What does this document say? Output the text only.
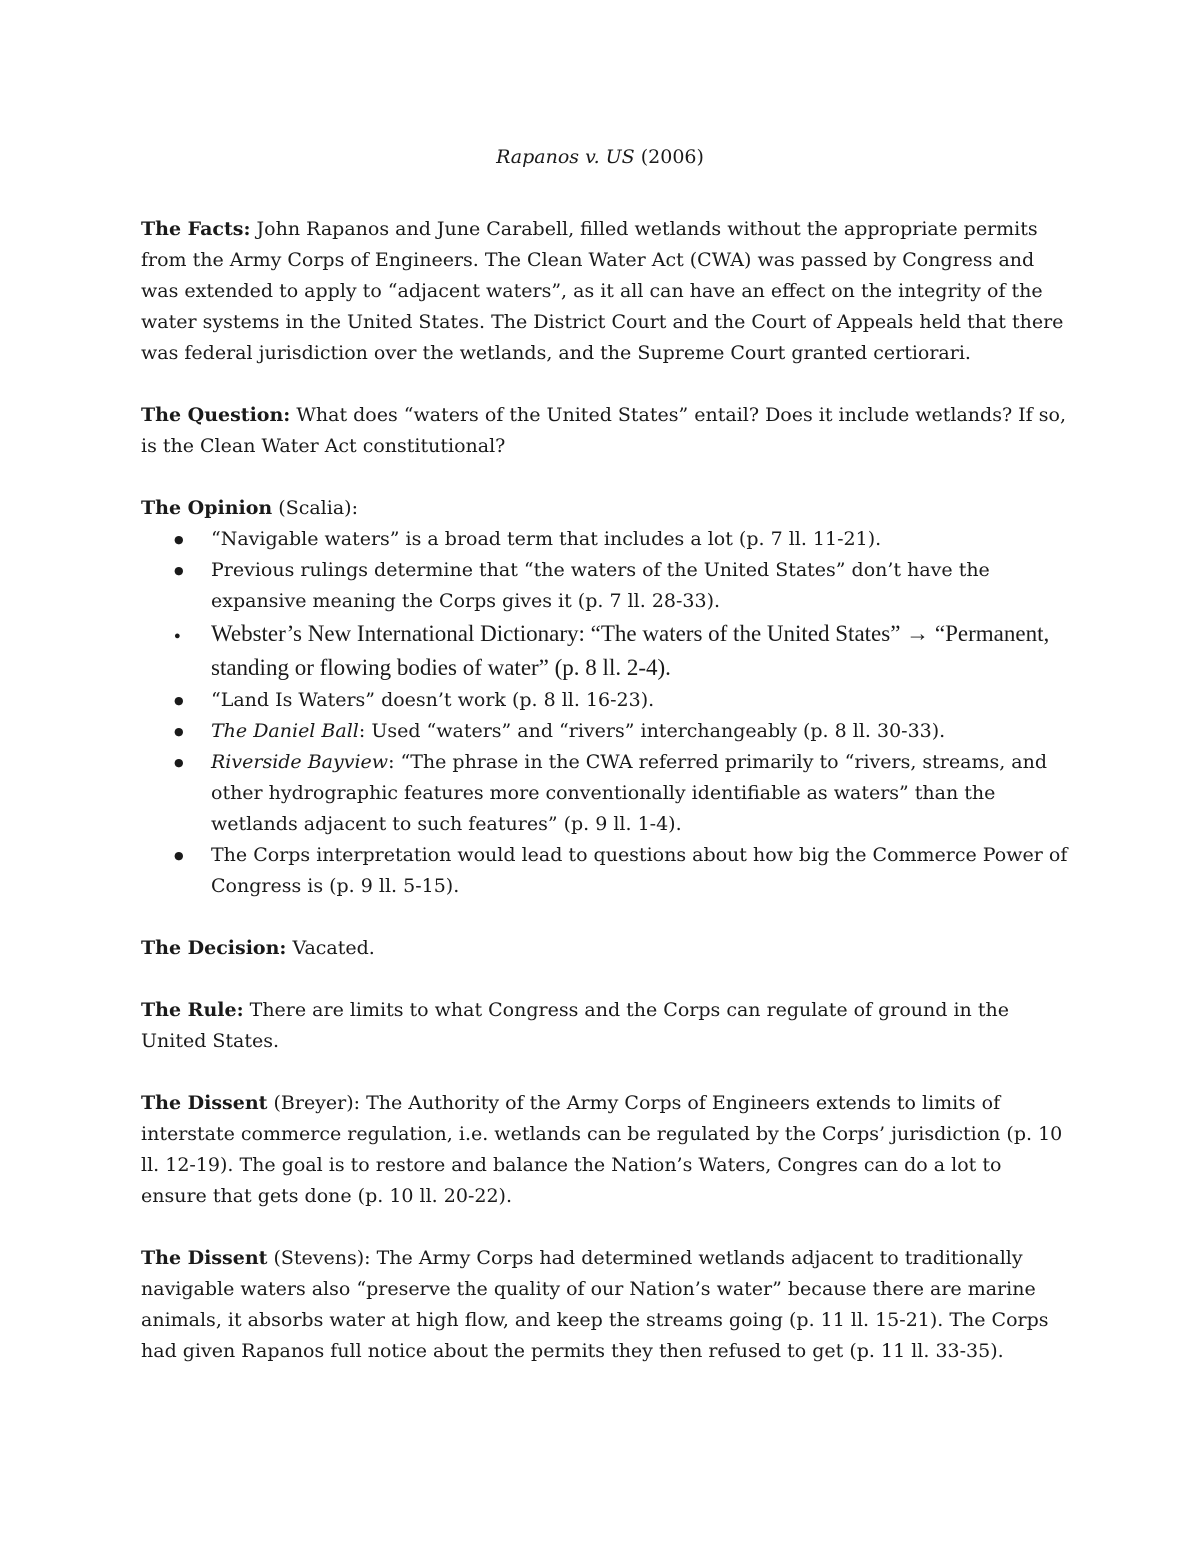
Rapanos v. US (2006)

The Facts: John Rapanos and June Carabell, filled wetlands without the appropriate permits from the Army Corps of Engineers. The Clean Water Act (CWA) was passed by Congress and was extended to apply to “adjacent waters”, as it all can have an effect on the integrity of the water systems in the United States. The District Court and the Court of Appeals held that there was federal jurisdiction over the wetlands, and the Supreme Court granted certiorari.

The Question: What does “waters of the United States” entail? Does it include wetlands? If so, is the Clean Water Act constitutional?

The Opinion (Scalia):
● “Navigable waters” is a broad term that includes a lot (p. 7 ll. 11-21).
● Previous rulings determine that “the waters of the United States” don’t have the expansive meaning the Corps gives it (p. 7 ll. 28-33).
● Webster’s New International Dictionary: “The waters of the United States” → “Permanent, standing or flowing bodies of water” (p. 8 ll. 2-4).
● “Land Is Waters” doesn’t work (p. 8 ll. 16-23).
● The Daniel Ball: Used “waters” and “rivers” interchangeably (p. 8 ll. 30-33).
● Riverside Bayview: “The phrase in the CWA referred primarily to “rivers, streams, and other hydrographic features more conventionally identifiable as waters” than the wetlands adjacent to such features” (p. 9 ll. 1-4).
● The Corps interpretation would lead to questions about how big the Commerce Power of Congress is (p. 9 ll. 5-15).

The Decision: Vacated.

The Rule: There are limits to what Congress and the Corps can regulate of ground in the United States.

The Dissent (Breyer): The Authority of the Army Corps of Engineers extends to limits of interstate commerce regulation, i.e. wetlands can be regulated by the Corps’ jurisdiction (p. 10 ll. 12-19). The goal is to restore and balance the Nation’s Waters, Congres can do a lot to ensure that gets done (p. 10 ll. 20-22).

The Dissent (Stevens): The Army Corps had determined wetlands adjacent to traditionally navigable waters also “preserve the quality of our Nation’s water” because there are marine animals, it absorbs water at high flow, and keep the streams going (p. 11 ll. 15-21). The Corps had given Rapanos full notice about the permits they then refused to get (p. 11 ll. 33-35).
